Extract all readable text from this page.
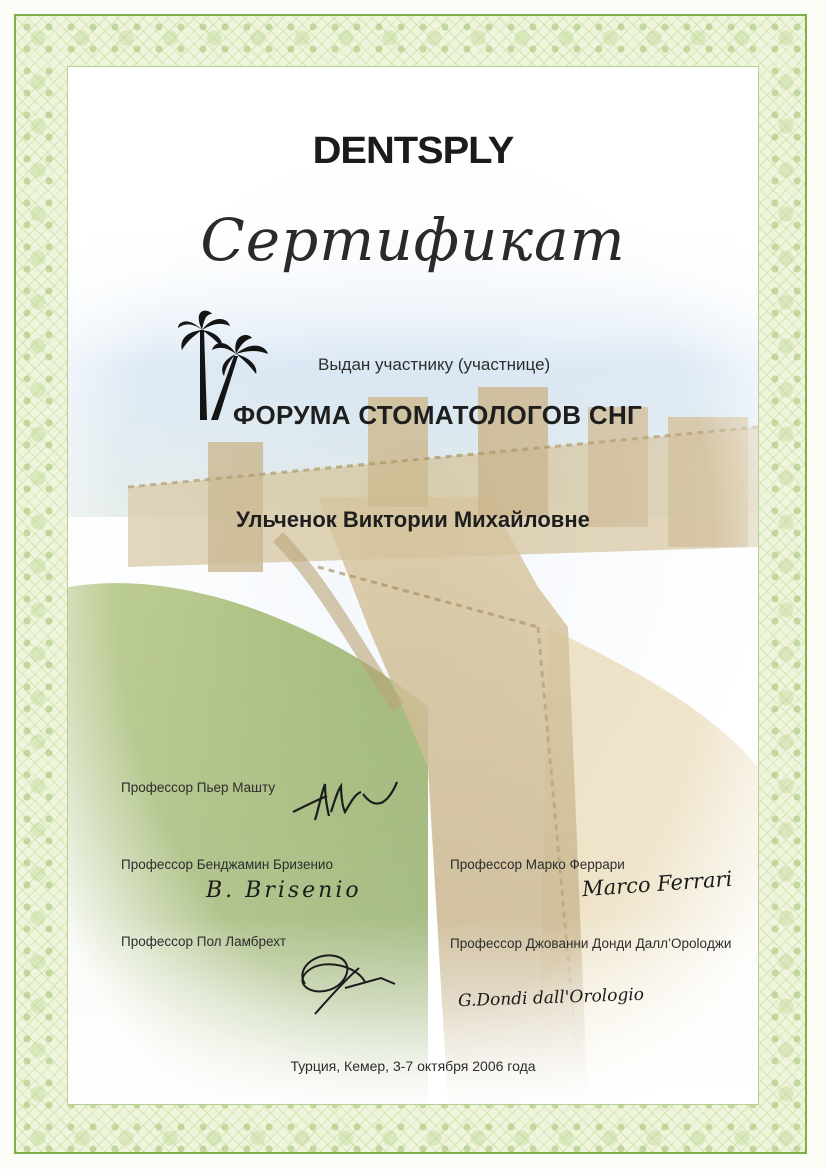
DENTSPLY
Сертификат
Выдан участнику (участнице)
ФОРУМА СТОМАТОЛОГОВ СНГ
Ульченок Виктории Михайловне
Профессор Пьер Машту
Профессор Бенджамин Бризенио
B. Brisenio
Профессор Марко Феррари
Marco Ferrari
Профессор Пол Ламбрехт	Профессор Джованни Донди Далл’Ороloджи
G.Dondi dall'Orologio
Турция, Кемер, 3-7 октября 2006 года
